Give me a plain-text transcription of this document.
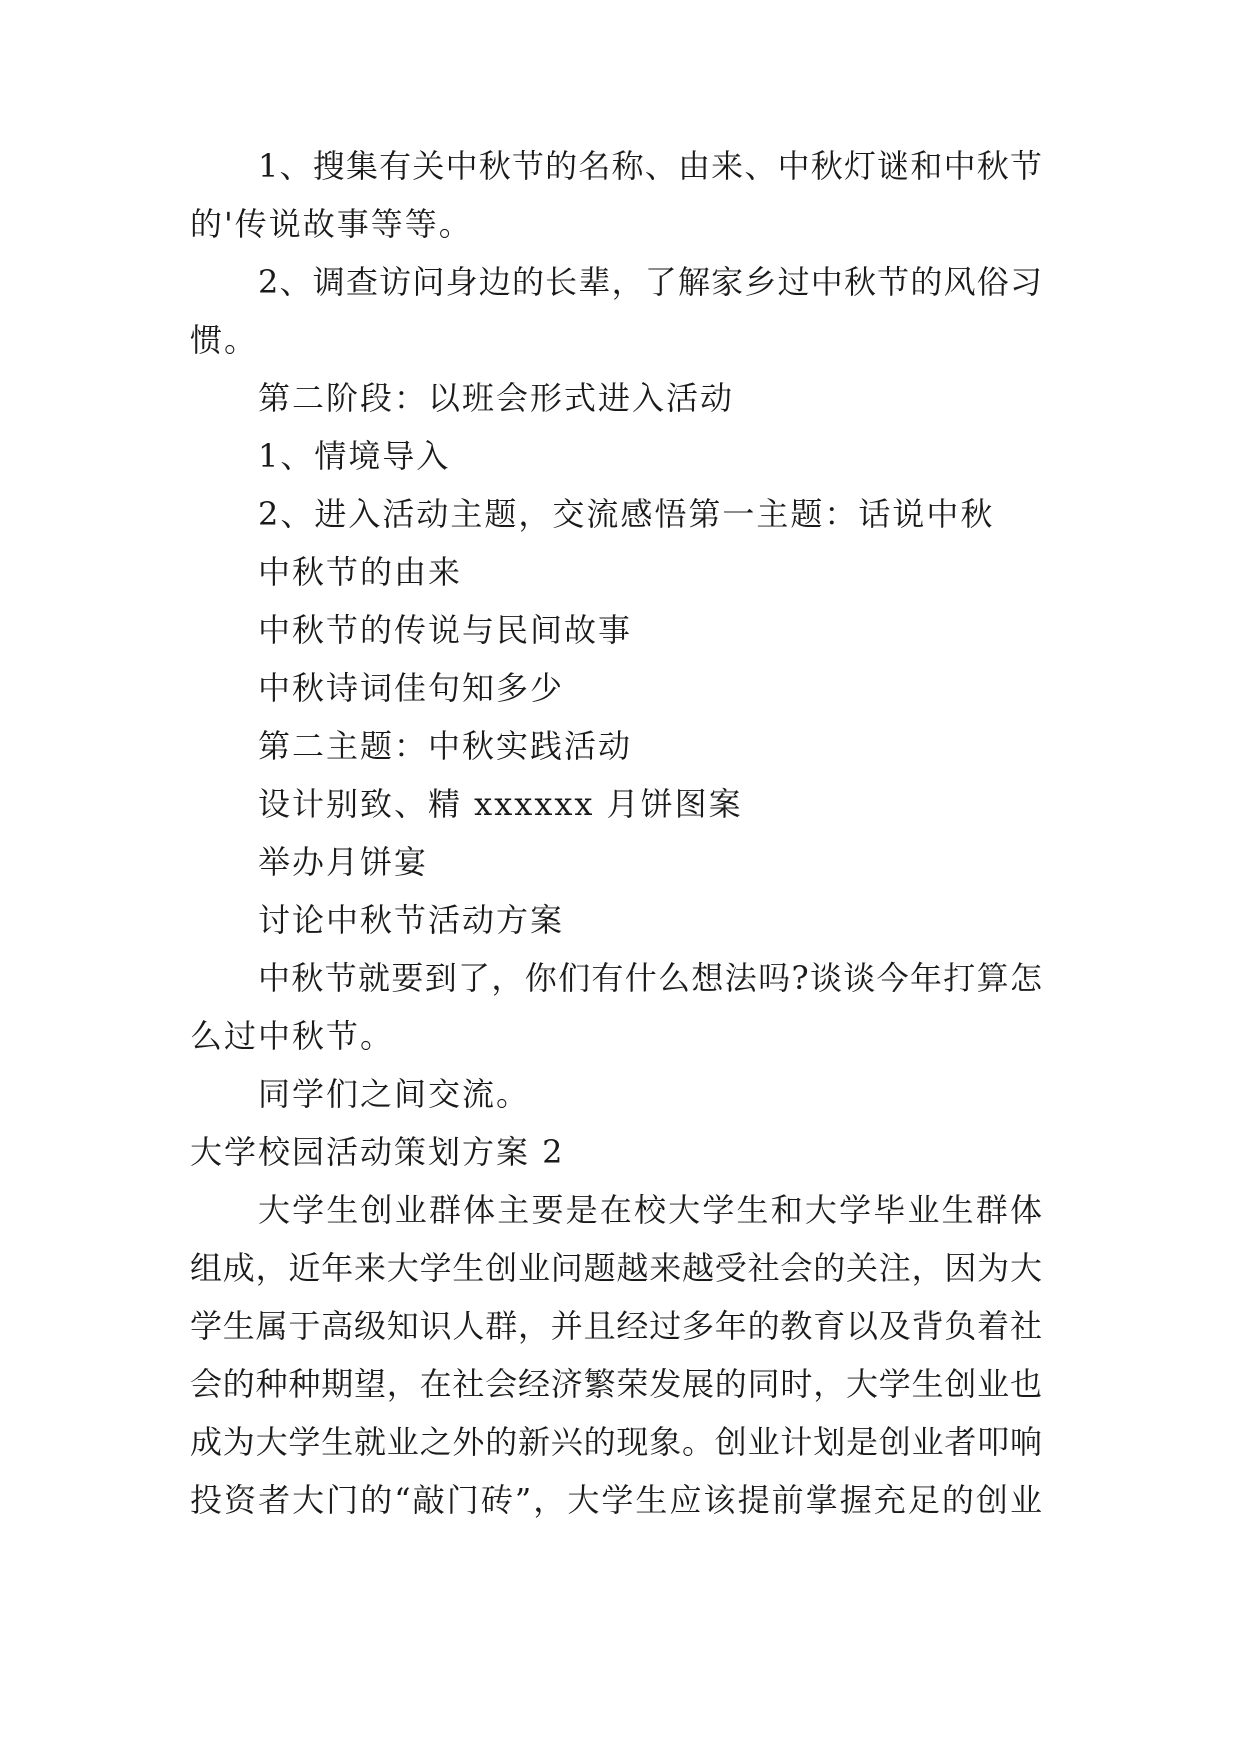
1、搜集有关中秋节的名称、由来、中秋灯谜和中秋节
的'传说故事等等。
2、调查访问身边的长辈，了解家乡过中秋节的风俗习
惯。
第二阶段：以班会形式进入活动
1、情境导入
2、进入活动主题，交流感悟第一主题：话说中秋
中秋节的由来
中秋节的传说与民间故事
中秋诗词佳句知多少
第二主题：中秋实践活动
设计别致、精 xxxxxx 月饼图案
举办月饼宴
讨论中秋节活动方案
中秋节就要到了，你们有什么想法吗?谈谈今年打算怎
么过中秋节。
同学们之间交流。
大学校园活动策划方案 2
大学生创业群体主要是在校大学生和大学毕业生群体
组成，近年来大学生创业问题越来越受社会的关注，因为大
学生属于高级知识人群，并且经过多年的教育以及背负着社
会的种种期望，在社会经济繁荣发展的同时，大学生创业也
成为大学生就业之外的新兴的现象。创业计划是创业者叩响
投资者大门的“敲门砖”，大学生应该提前掌握充足的创业
